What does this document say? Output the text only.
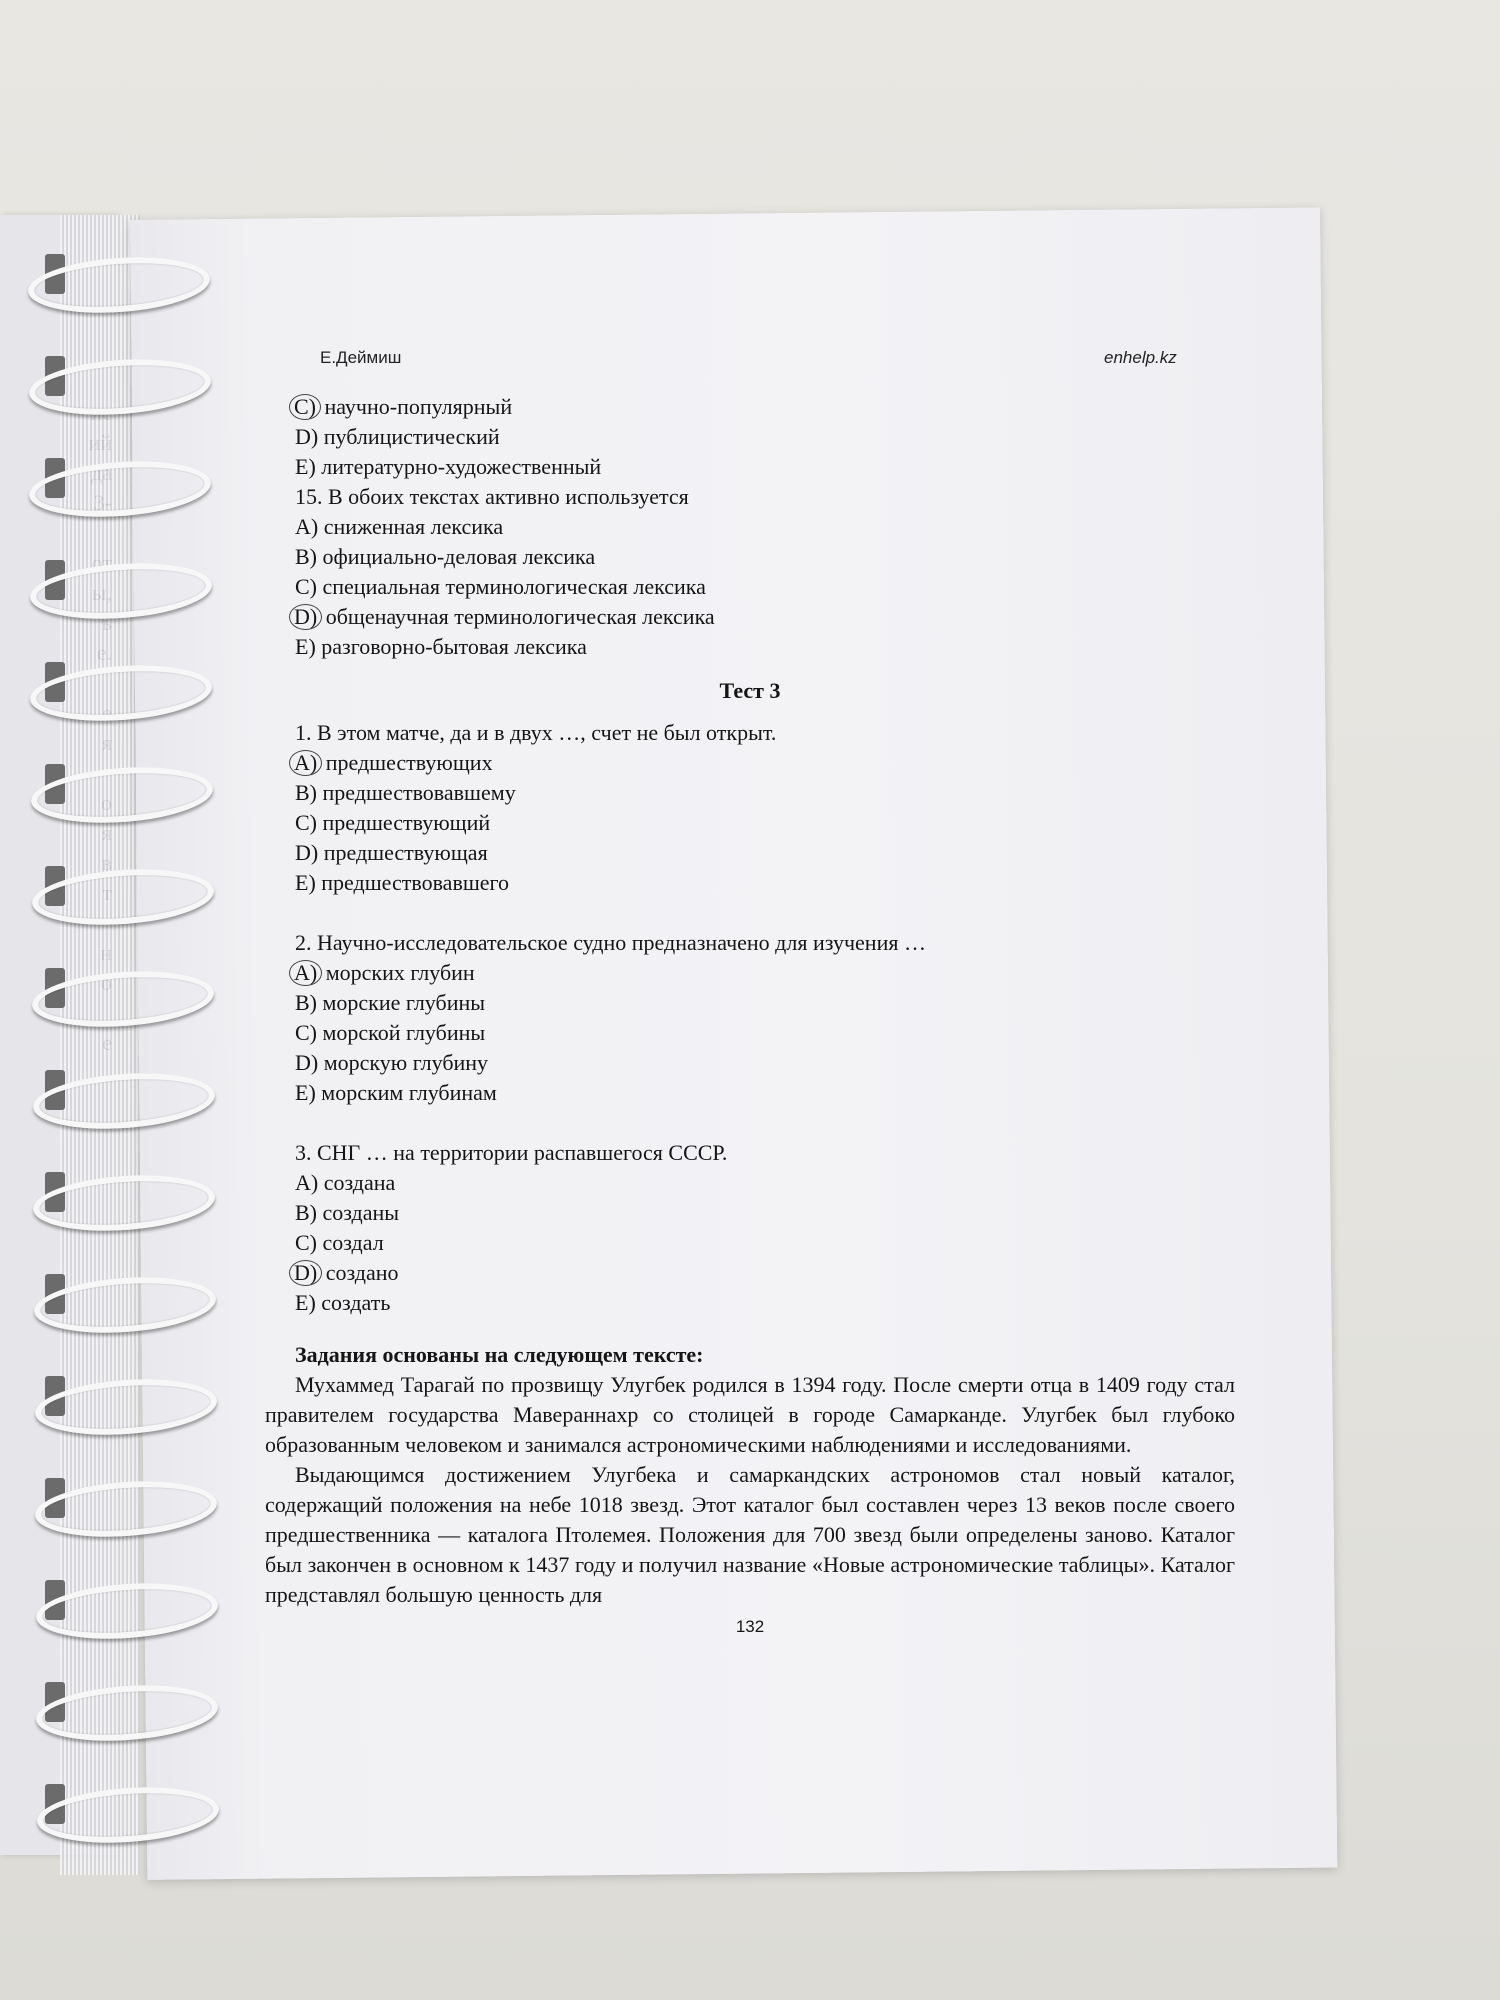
Е.Деймиш	enhelp.kz
C) научно-популярный
D) публицистический
E) литературно-художественный
15. В обоих текстах активно используется
A) сниженная лексика
B) официально-деловая лексика
C) специальная терминологическая лексика
D) общенаучная терминологическая лексика
E) разговорно-бытовая лексика
Тест 3
1. В этом матче, да и в двух …, счет не был открыт.
A) предшествующих
B) предшествовавшему
C) предшествующий
D) предшествующая
E) предшествовавшего
2. Научно-исследовательское судно предназначено для изучения …
A) морских глубин
B) морские глубины
C) морской глубины
D) морскую глубину
E) морским глубинам
3. СНГ … на территории распавшегося СССР.
A) создана
B) созданы
C) создал
D) создано
E) создать
Задания основаны на следующем тексте:
Мухаммед Тарагай по прозвищу Улугбек родился в 1394 году. После смерти отца в 1409 году стал правителем государства Мавераннахр со столицей в городе Самарканде. Улугбек был глубоко образованным человеком и занимался астрономическими наблюдениями и исследованиями.
Выдающимся достижением Улугбека и самаркандских астрономов стал новый каталог, содержащий положения на небе 1018 звезд. Этот каталог был составлен через 13 веков после своего предшественника — каталога Птолемея. Положения для 700 звезд были определены заново. Каталог был закончен в основном к 1437 году и получил название «Новые астрономические таблицы». Каталог представлял большую ценность для
132
